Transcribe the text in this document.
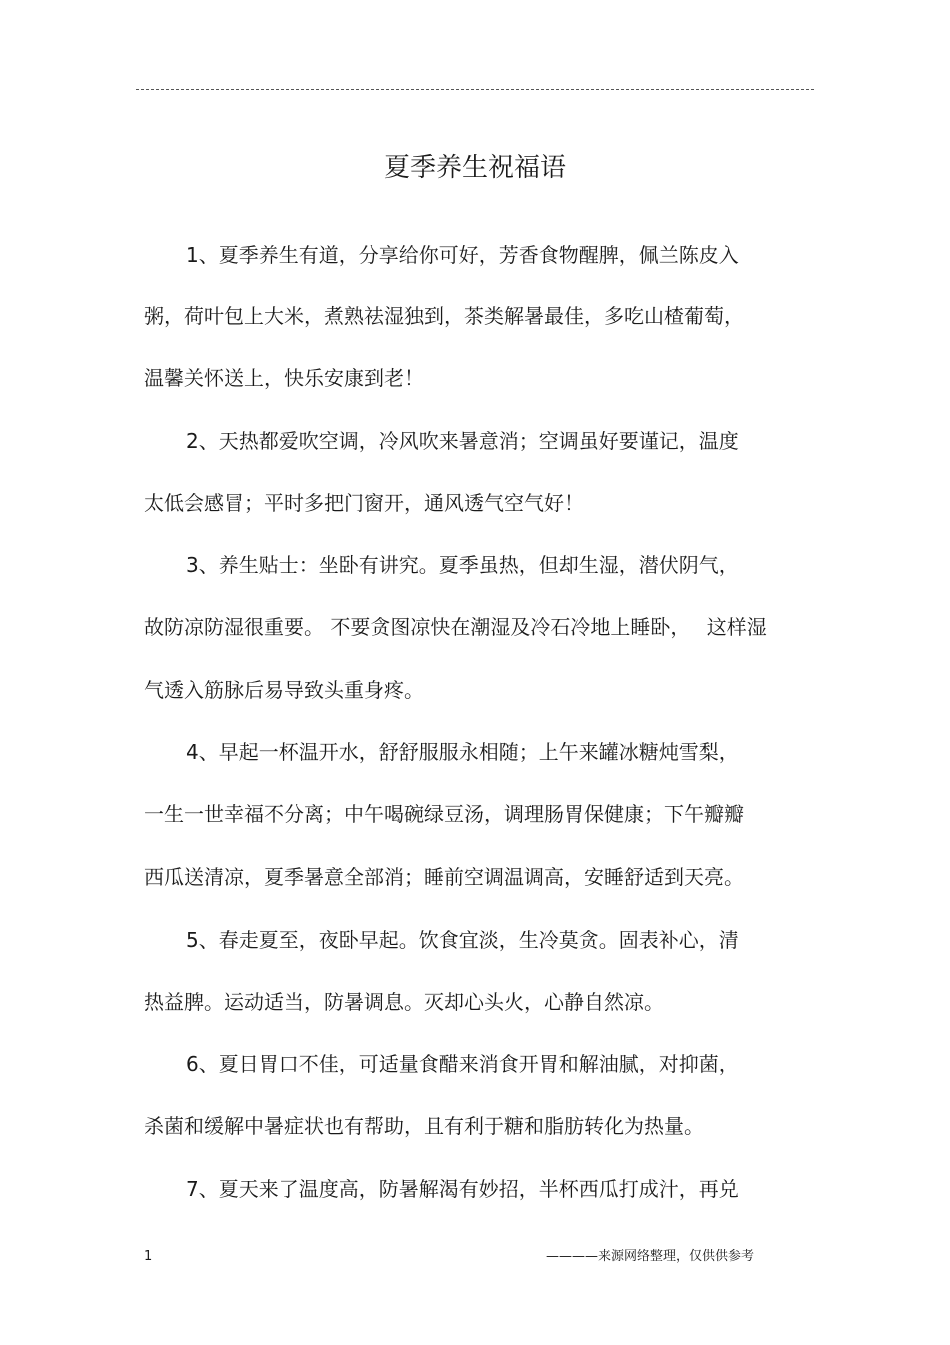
夏季养生祝福语
1、夏季养生有道，分享给你可好，芳香食物醒脾，佩兰陈皮入
粥，荷叶包上大米，煮熟祛湿独到，茶类解暑最佳，多吃山楂葡萄，
温馨关怀送上，快乐安康到老！
2、天热都爱吹空调，冷风吹来暑意消；空调虽好要谨记，温度
太低会感冒；平时多把门窗开，通风透气空气好！
3、养生贴士：坐卧有讲究。夏季虽热，但却生湿，潜伏阴气，
故防凉防湿很重要。 不要贪图凉快在潮湿及冷石冷地上睡卧，　 这样湿
气透入筋脉后易导致头重身疼。
4、早起一杯温开水，舒舒服服永相随；上午来罐冰糖炖雪梨，
一生一世幸福不分离；中午喝碗绿豆汤，调理肠胃保健康；下午瓣瓣
西瓜送清凉，夏季暑意全部消；睡前空调温调高，安睡舒适到天亮。
5、春走夏至，夜卧早起。饮食宜淡，生冷莫贪。固表补心，清
热益脾。运动适当，防暑调息。灭却心头火，心静自然凉。
6、夏日胃口不佳，可适量食醋来消食开胃和解油腻，对抑菌，
杀菌和缓解中暑症状也有帮助，且有利于糖和脂肪转化为热量。
7、夏天来了温度高，防暑解渴有妙招，半杯西瓜打成汁，再兑
1	————来源网络整理，仅供供参考
